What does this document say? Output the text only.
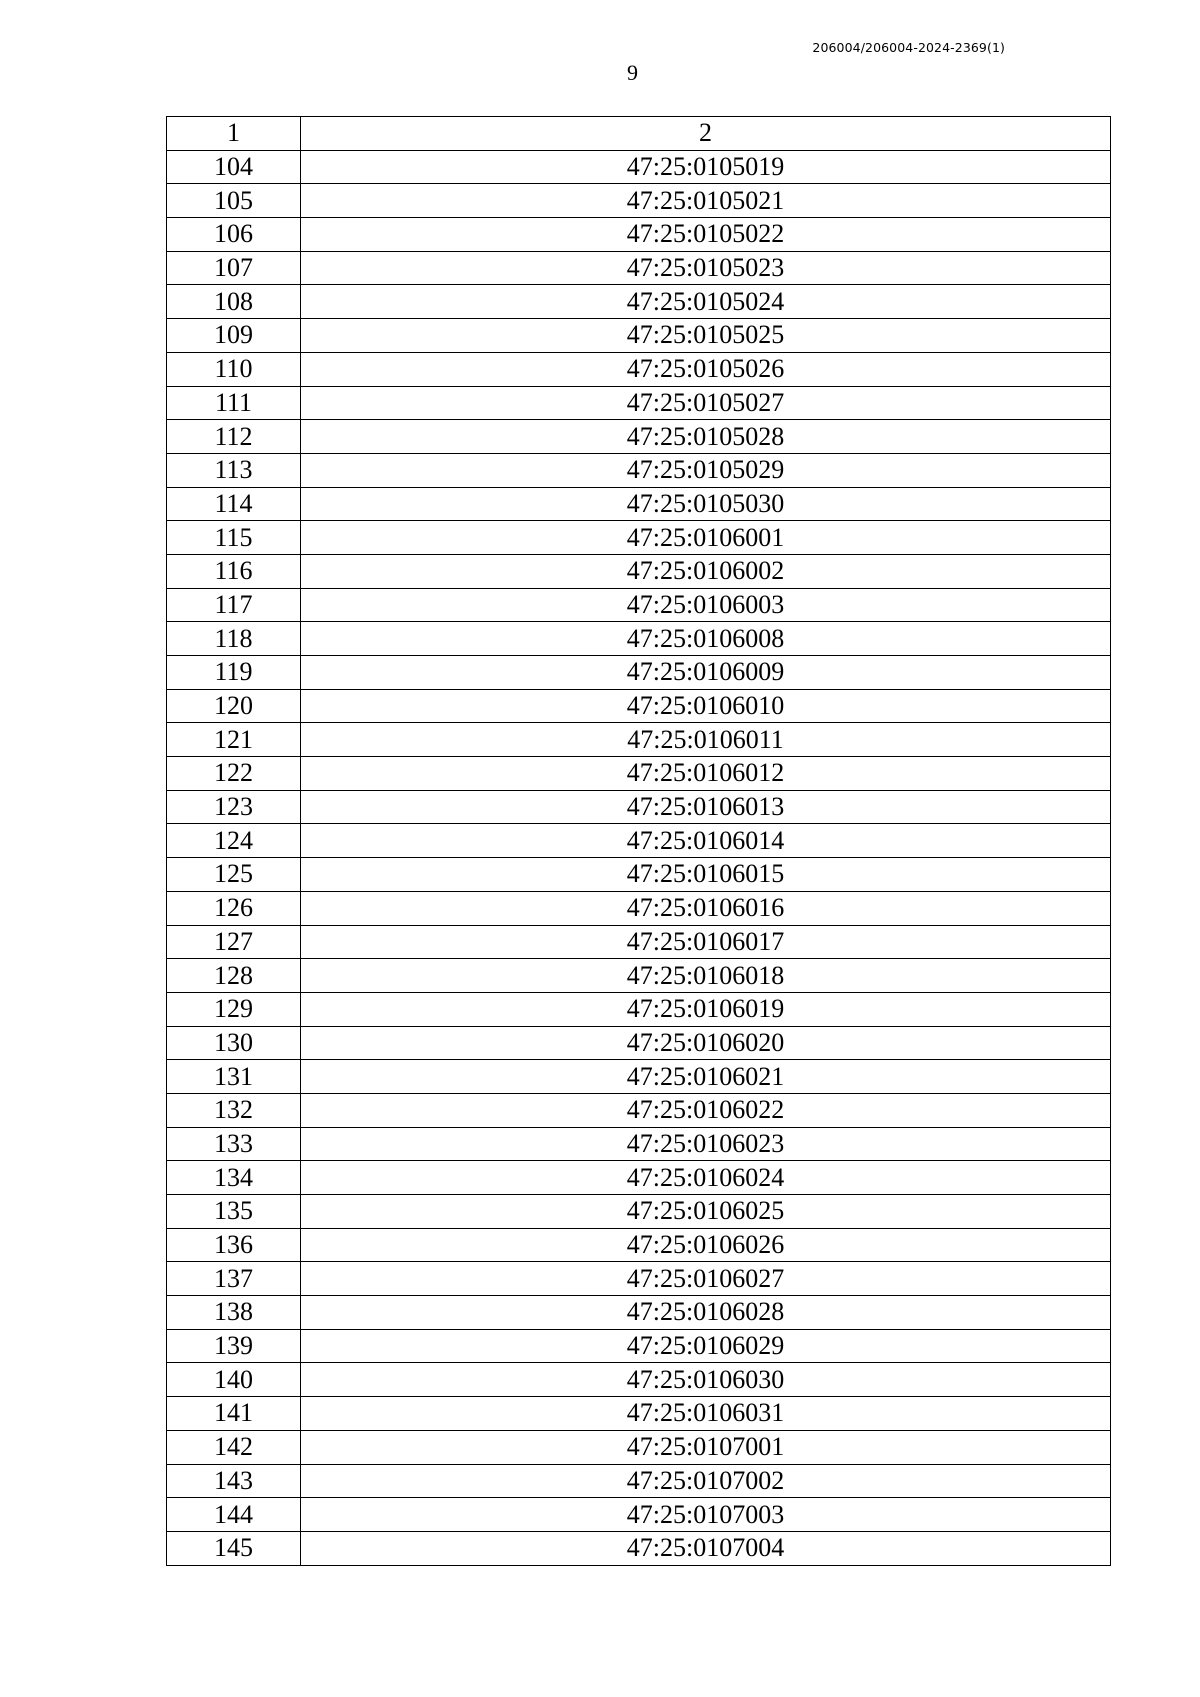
206004/206004-2024-2369(1)
9
1	2
104	47:25:0105019
105	47:25:0105021
106	47:25:0105022
107	47:25:0105023
108	47:25:0105024
109	47:25:0105025
110	47:25:0105026
111	47:25:0105027
112	47:25:0105028
113	47:25:0105029
114	47:25:0105030
115	47:25:0106001
116	47:25:0106002
117	47:25:0106003
118	47:25:0106008
119	47:25:0106009
120	47:25:0106010
121	47:25:0106011
122	47:25:0106012
123	47:25:0106013
124	47:25:0106014
125	47:25:0106015
126	47:25:0106016
127	47:25:0106017
128	47:25:0106018
129	47:25:0106019
130	47:25:0106020
131	47:25:0106021
132	47:25:0106022
133	47:25:0106023
134	47:25:0106024
135	47:25:0106025
136	47:25:0106026
137	47:25:0106027
138	47:25:0106028
139	47:25:0106029
140	47:25:0106030
141	47:25:0106031
142	47:25:0107001
143	47:25:0107002
144	47:25:0107003
145	47:25:0107004
